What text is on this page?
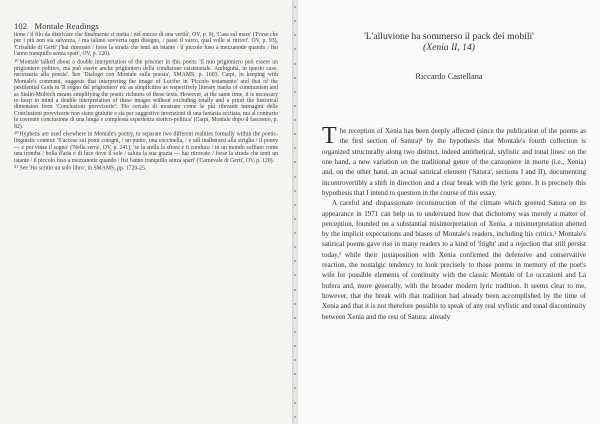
102 Montale Readings

tione / il filo da districare che finalmente ci metta / nel mezzo di una verità', OV, p. 9), 'Casa sul mare' ('Forse che per i più non sia salvezza, / ma taluno sovverta ogni disegno, / passi il varco, qual volle si ritrovi'. OV, p. 93), 'Crisalide di Gerti' ('hai rimorato / forse la strada che tenti un istante / il piccolo fuso a mezzanotte quando / fisi l'anno tranquillo senza spari', OV, p. 120).

$^{19}$Montale talked about a double interpretation of the prisoner in this poem: 'il mio prigioniero può essere un prigioniero politico, ma può essere anche prigioniero della condizione esistenziale. Ambiguità, in questo caso, necessaria alla poesia'. See 'Dialogo con Montale sulla poesia', SMAMS, p. 1603. Carpi, in keeping with Montale's comment, suggests that interpreting the image of Lucifer in 'Piccolo testamento' and that of the pestilential Gods in 'Il sogno del prigioniero' etc as simplicities as respectively literary marks of communism and as Stalin-Molotch means simplifying the poetic richness of these texts. However, at the same time, it is necessary to keep in mind a double interpretation of these images without excluding totally and a priori the historical dimension from 'Conclusioni provvisorie': 'Ho cercato di mostrare come le più rilevanti immagini delle Conclusioni provvisorie non siano gratuite e sia per suggestive invenzioni di una fantasia eccitata, ma al contrario la coerente conclusione di una lunga e complessa esperienza storico-politica' (Carpi, Montale dopo il fascismo, p. 82).

$^{20}$Hyphens are used elsewhere in Montale's poetry, to separate two different realities formally within the poetic-linguistic context: 'S'accese sui pomi cotogni, / un punto, una coccinella, / e udì inalberarsi alla striglia / il poney — e poi vinse il sogno' ('Nella serra', OV, p. 241); 'se la stella la sfiora e ti conduce / in un mondo soffiato come una tromba / bolla d'aria e di luce dove il sole / saluta la sua grazia — hai ritrovato / forse la strada che tenti un istante / il piccolo fuso a mezzanotte quando / fisi l'anno tranquillo senza spari' ('Carnevale di Gerti', OV, p. 120).

$^{21}$See 'Ho scritto un solo libro', in SMAMS, pp. 1720-25.

'L'alluvione ha sommerso il pack dei mobili'
(Xenia II, 14)
Riccardo Castellana

The reception of Xenia has been deeply affected (since the publication of the poems as the first section of Satura)¹ by the hypothesis that Montale's fourth collection is organized structurally along two distinct, indeed antithetical, stylistic and tonal lines: on the one hand, a new variation on the traditional genre of the canzoniere in morte (i.e., Xenia) and, on the other hand, an actual satirical element ('Satura', sections I and II), documenting incontrovertibly a shift in direction and a clear break with the lyric genre. It is precisely this hypothesis that I intend to question in the course of this essay.

A careful and dispassionate reconstruction of the climate which greeted Satura on its appearance in 1971 can help us to understand how that dichotomy was merely a matter of perception, founded on a substantial misinterpretation of Xenia, a misinterpretation abetted by the implicit expectations and biases of Montale's readers, including his critics.² Montale's satirical poems gave rise in many readers to a kind of 'fright' and a rejection that still persist today,³ while their juxtaposition with Xenia confirmed the defensive and conservative reaction, the nostalgic tendency to look precisely to those poems in memory of the poet's wife for possible elements of continuity with the classic Montale of Le occasioni and La bufera and, more generally, with the broader modern lyric tradition. It seems clear to me, however, that the break with that tradition had already been accomplished by the time of Xenia and that it is not therefore possible to speak of any real stylistic and tonal discontinuity between Xenia and the rest of Satura: already
